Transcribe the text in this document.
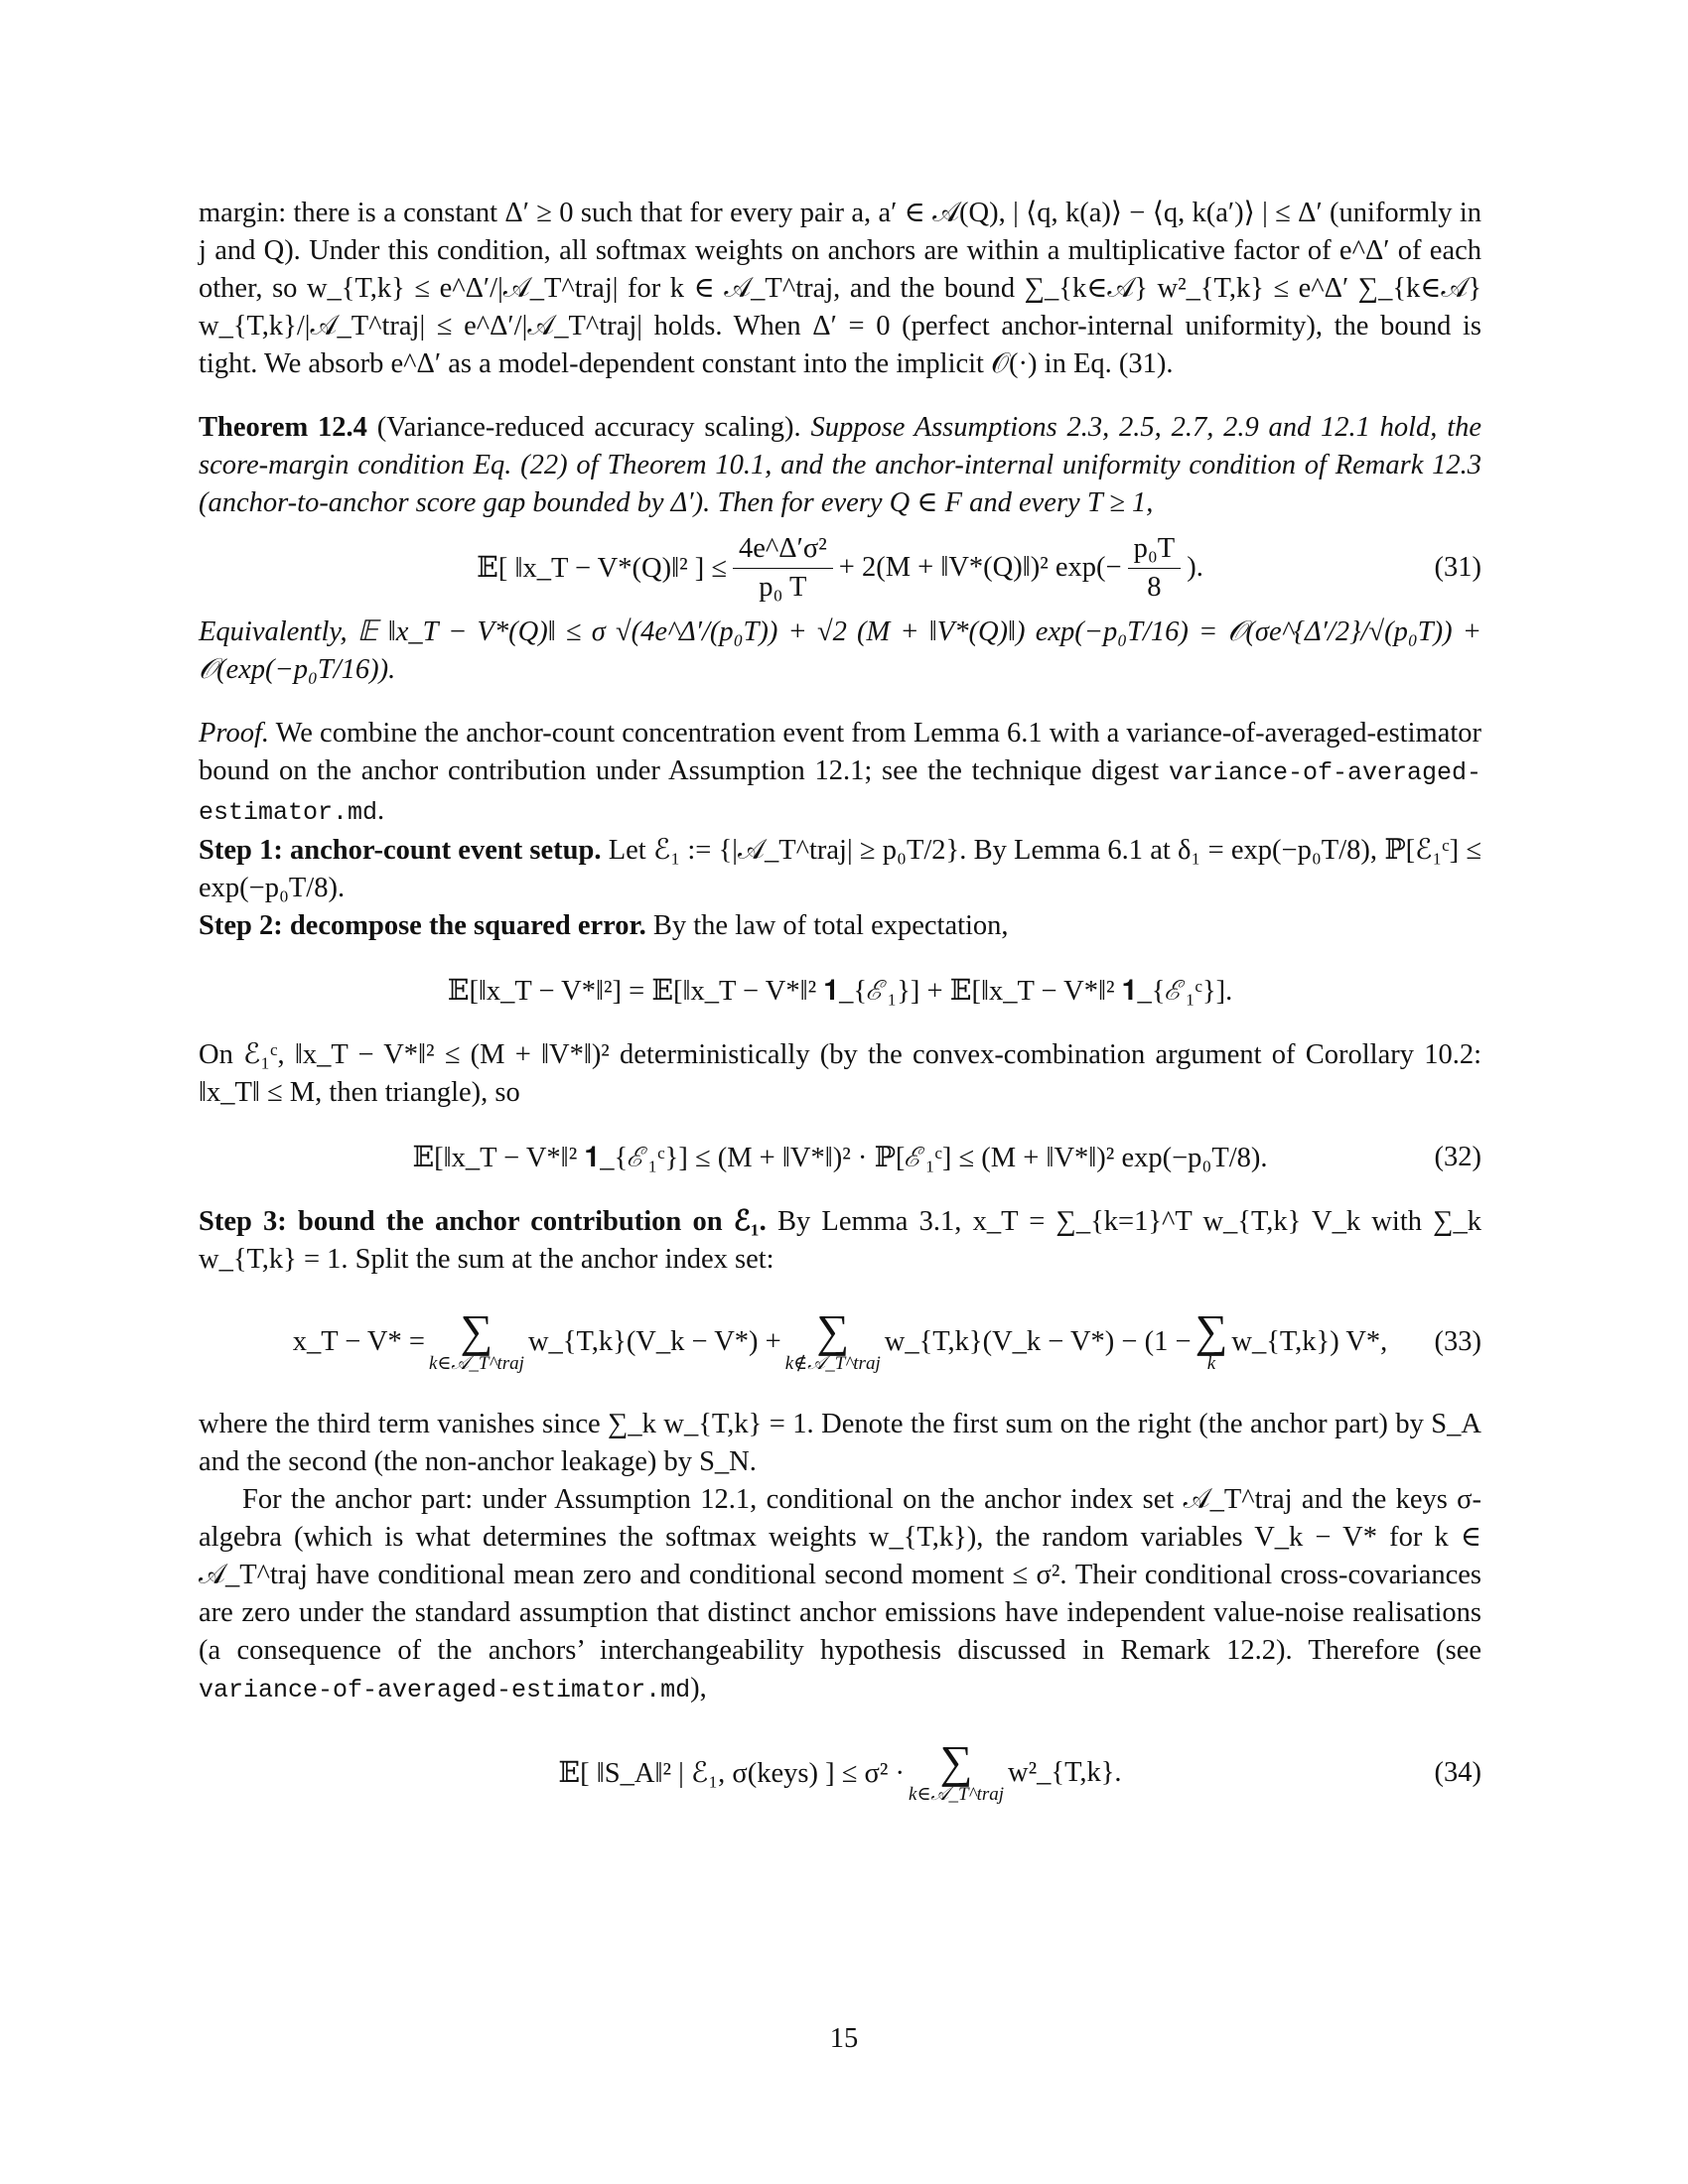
margin: there is a constant Δ′ ≥ 0 such that for every pair a, a′ ∈ 𝒜(Q), | ⟨q, k(a)⟩ − ⟨q, k(a′)⟩ | ≤ Δ′ (uniformly in j and Q). Under this condition, all softmax weights on anchors are within a multiplicative factor of e^Δ′ of each other, so w_{T,k} ≤ e^Δ′/|𝒜_T^traj| for k ∈ 𝒜_T^traj, and the bound ∑_{k∈𝒜} w²_{T,k} ≤ e^Δ′ ∑_{k∈𝒜} w_{T,k}/|𝒜_T^traj| ≤ e^Δ′/|𝒜_T^traj| holds. When Δ′ = 0 (perfect anchor-internal uniformity), the bound is tight. We absorb e^Δ′ as a model-dependent constant into the implicit 𝒪(·) in Eq. (31).

Theorem 12.4 (Variance-reduced accuracy scaling). Suppose Assumptions 2.3, 2.5, 2.7, 2.9 and 12.1 hold, the score-margin condition Eq. (22) of Theorem 10.1, and the anchor-internal uniformity condition of Remark 12.3 (anchor-to-anchor score gap bounded by Δ′). Then for every Q ∈ F and every T ≥ 1,

𝔼[ ‖x_T − V*(Q)‖² ] ≤ $\frac{\text{4e\textasciicircum{}Δ′σ²}}{\text{p₀ T}} + 2(M$ + ‖V*(Q)‖)² $\exp(- \frac{\text{p₀T}}{8}$ ).	(31)

Equivalently, 𝔼 ‖x_T − V*(Q)‖ ≤ σ √(4e^Δ′/(p₀T)) + √2 (M + ‖V*(Q)‖) exp(−p₀T/16) = 𝒪(σe^{Δ′/2}/√(p₀T)) + 𝒪(exp(−p₀T/16)).

Proof. We combine the anchor-count concentration event from Lemma 6.1 with a variance-of-averaged-estimator bound on the anchor contribution under Assumption 12.1; see the technique digest variance-of-averaged-estimator.md.

Step 1: anchor-count event setup. Let ℰ₁ := {|𝒜_T^traj| ≥ p₀T/2}. By Lemma 6.1 at δ₁ = exp(−p₀T/8), ℙ[ℰ₁ᶜ] ≤ exp(−p₀T/8).

Step 2: decompose the squared error. By the law of total expectation,

𝔼[‖x_T − V*‖²] = 𝔼[‖x_T − V*‖² 𝟏_{ℰ₁}] + 𝔼[‖x_T − V*‖² 𝟏_{ℰ₁ᶜ}].

On ℰ₁ᶜ, ‖x_T − V*‖² ≤ (M + ‖V*‖)² deterministically (by the convex-combination argument of Corollary 10.2: ‖x_T‖ ≤ M, then triangle), so

𝔼[‖x_T − V*‖² 𝟏_{ℰ₁ᶜ}] ≤ (M + ‖V*‖)² · ℙ[ℰ₁ᶜ] ≤ (M + ‖V*‖)² exp(−p₀T/8).	(32)

Step 3: bound the anchor contribution on ℰ₁. By Lemma 3.1, x_T = ∑_{k=1}^T w_{T,k} V_k with ∑_k w_{T,k} = 1. Split the sum at the anchor index set:

x_T − V* = ∑
k∈𝒜_T^traj
w_{T,k}(V_k − V*) + ∑
k∉𝒜_T^traj
w_{T,k}(V_k − V*) − (1 − ∑
k
w_{T,k}) V*, (33)

where the third term vanishes since ∑_k w_{T,k} = 1. Denote the first sum on the right (the anchor part) by S_A and the second (the non-anchor leakage) by S_N.

For the anchor part: under Assumption 12.1, conditional on the anchor index set 𝒜_T^traj and the keys σ-algebra (which is what determines the softmax weights w_{T,k}), the random variables V_k − V* for k ∈ 𝒜_T^traj have conditional mean zero and conditional second moment ≤ σ². Their conditional cross-covariances are zero under the standard assumption that distinct anchor emissions have independent value-noise realisations (a consequence of the anchors’ interchangeability hypothesis discussed in Remark 12.2). Therefore (see variance-of-averaged-estimator.md),

𝔼[ ‖S_A‖² | ℰ₁, σ(keys) ] ≤ σ² · ∑
k∈𝒜_T^traj
w²_{T,k}.	(34)
15
